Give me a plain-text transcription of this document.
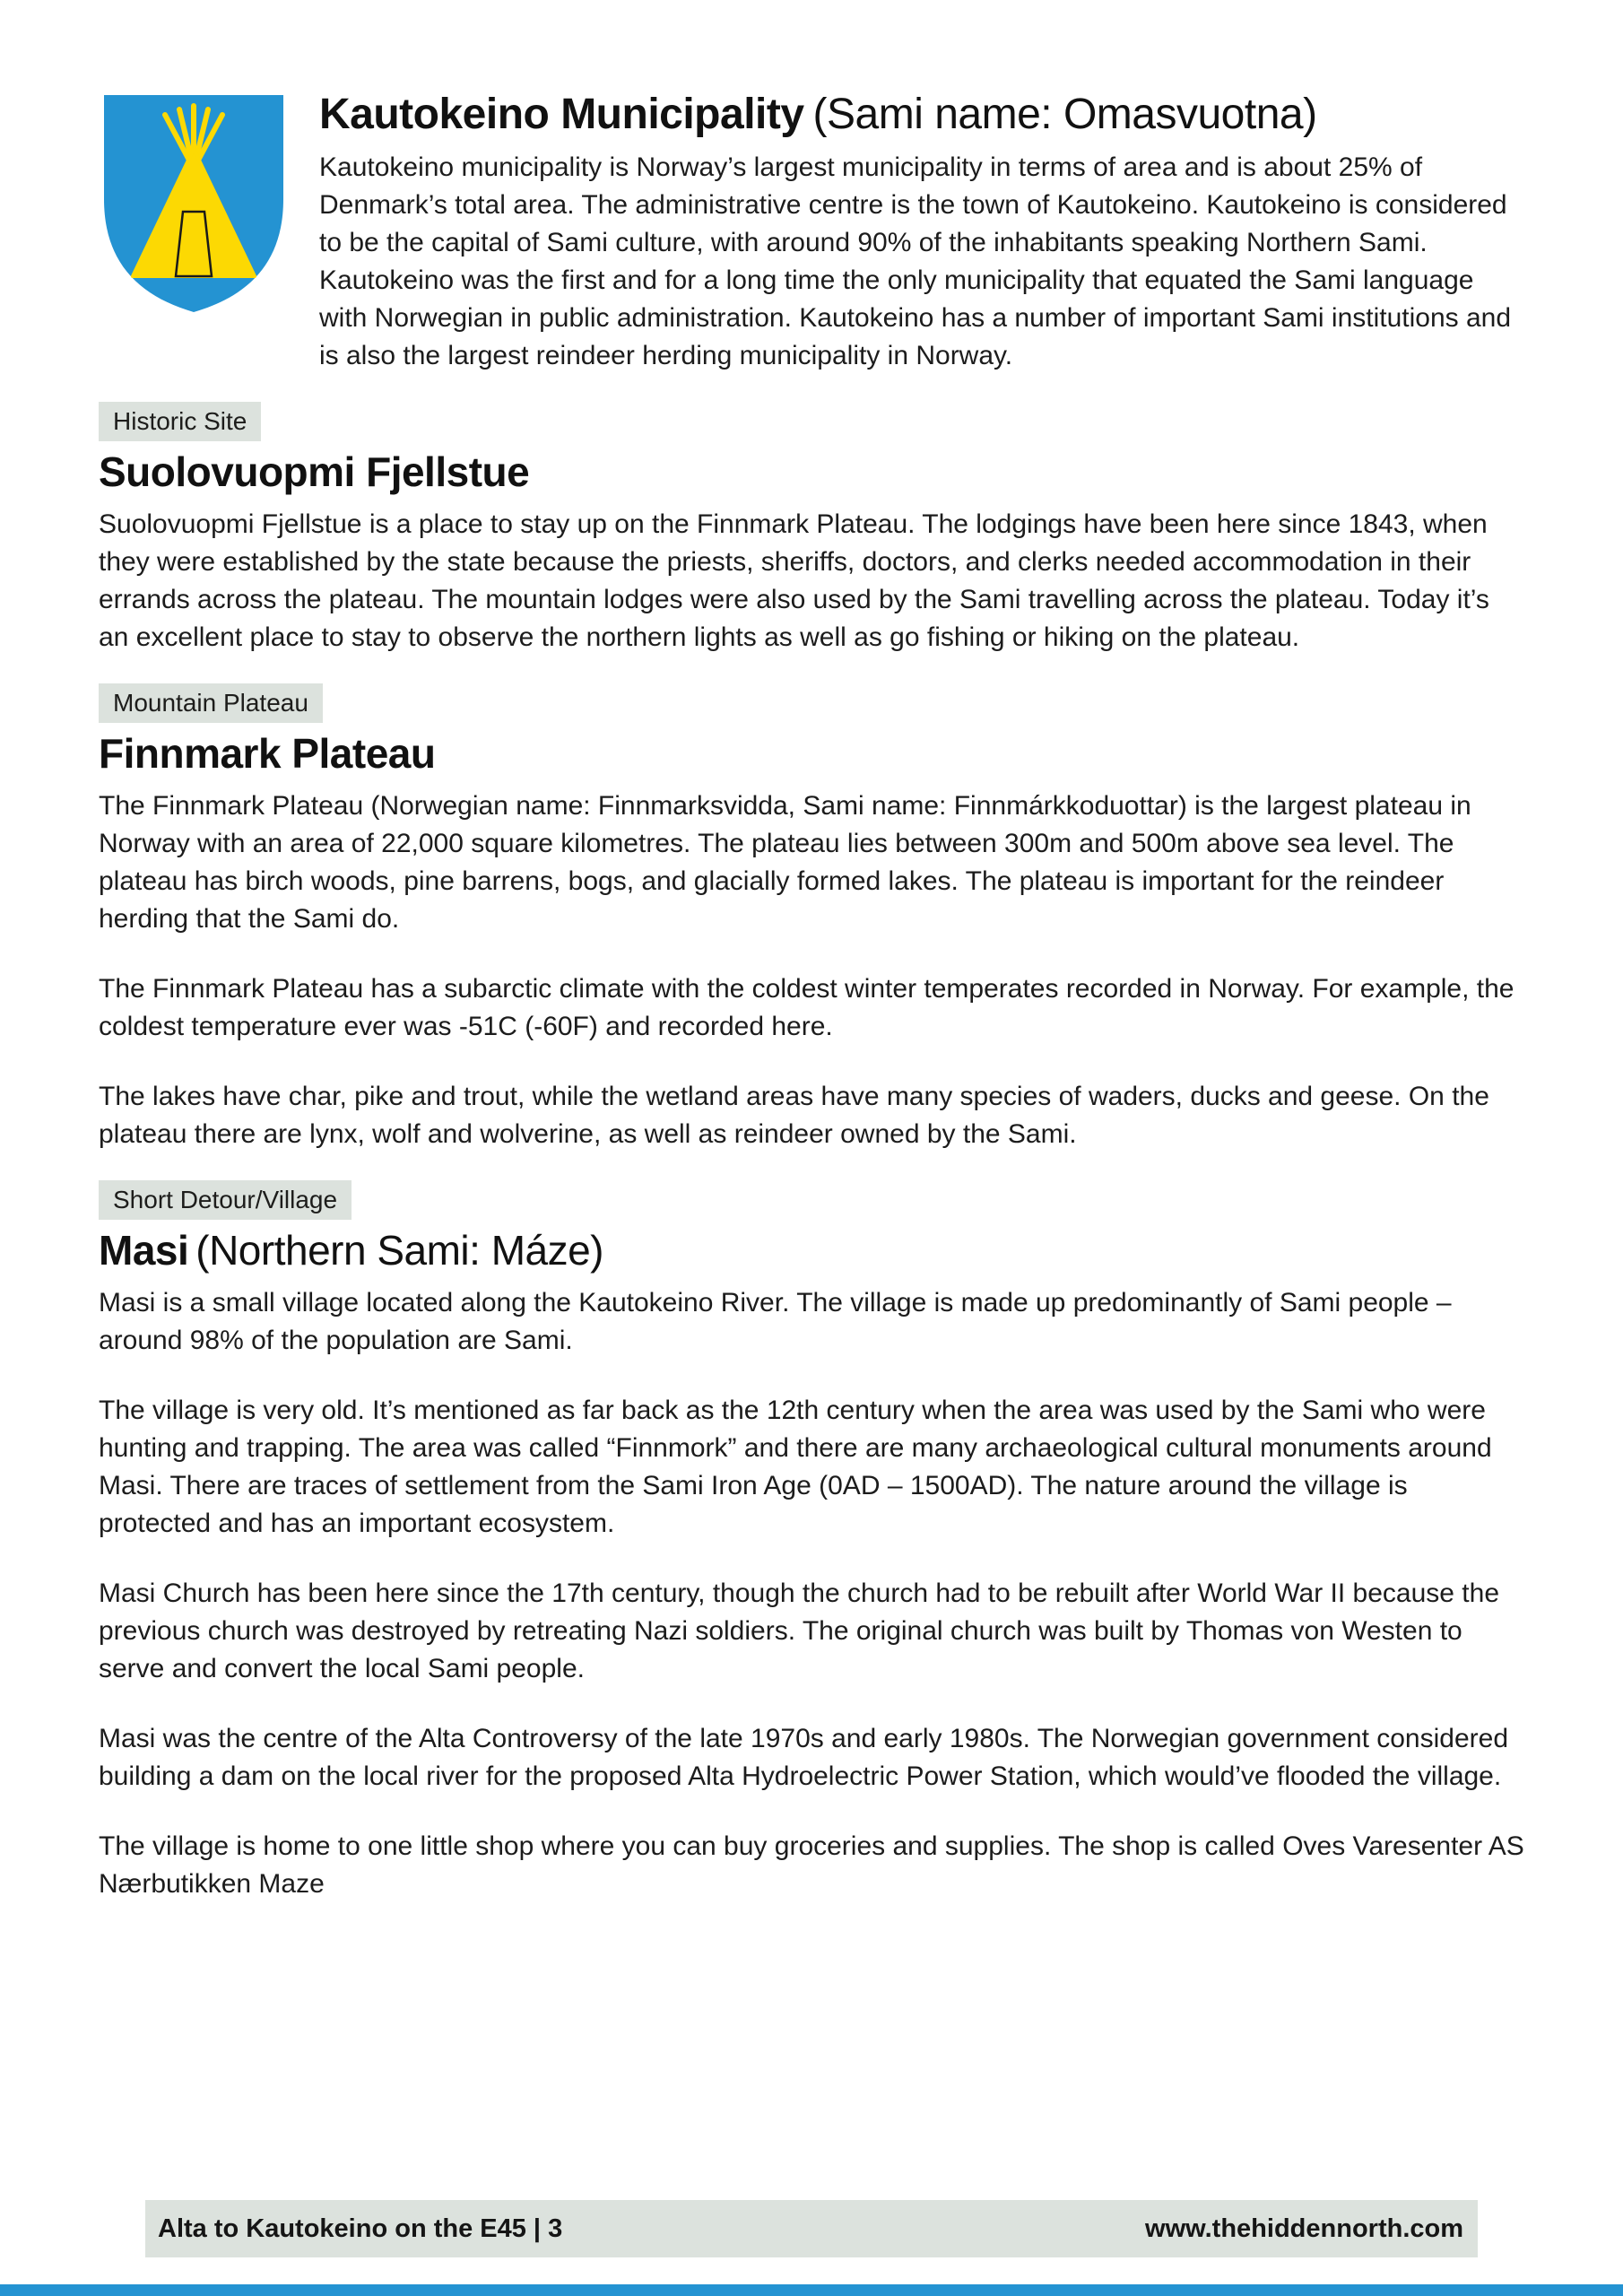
Kautokeino Municipality (Sami name: Omasvuotna)

Kautokeino municipality is Norway’s largest municipality in terms of area and is about 25% of Denmark’s total area. The administrative centre is the town of Kautokeino. Kautokeino is considered to be the capital of Sami culture, with around 90% of the inhabitants speaking Northern Sami. Kautokeino was the first and for a long time the only municipality that equated the Sami language with Norwegian in public administration. Kautokeino has a number of important Sami institutions and is also the largest reindeer herding municipality in Norway.

Historic Site
Suolovuopmi Fjellstue

Suolovuopmi Fjellstue is a place to stay up on the Finnmark Plateau. The lodgings have been here since 1843, when they were established by the state because the priests, sheriffs, doctors, and clerks needed accommodation in their errands across the plateau. The mountain lodges were also used by the Sami travelling across the plateau. Today it’s an excellent place to stay to observe the northern lights as well as go fishing or hiking on the plateau.

Mountain Plateau
Finnmark Plateau

The Finnmark Plateau (Norwegian name: Finnmarksvidda, Sami name: Finnmárkkoduottar) is the largest plateau in Norway with an area of 22,000 square kilometres. The plateau lies between 300m and 500m above sea level. The plateau has birch woods, pine barrens, bogs, and glacially formed lakes. The plateau is important for the reindeer herding that the Sami do.

The Finnmark Plateau has a subarctic climate with the coldest winter temperates recorded in Norway. For example, the coldest temperature ever was -51C (-60F) and recorded here.

The lakes have char, pike and trout, while the wetland areas have many species of waders, ducks and geese. On the plateau there are lynx, wolf and wolverine, as well as reindeer owned by the Sami.

Short Detour/Village
Masi (Northern Sami: Máze)

Masi is a small village located along the Kautokeino River. The village is made up predominantly of Sami people – around 98% of the population are Sami.

The village is very old. It’s mentioned as far back as the 12th century when the area was used by the Sami who were hunting and trapping. The area was called “Finnmork” and there are many archaeological cultural monuments around Masi. There are traces of settlement from the Sami Iron Age (0AD – 1500AD). The nature around the village is protected and has an important ecosystem.

Masi Church has been here since the 17th century, though the church had to be rebuilt after World War II because the previous church was destroyed by retreating Nazi soldiers. The original church was built by Thomas von Westen to serve and convert the local Sami people.

Masi was the centre of the Alta Controversy of the late 1970s and early 1980s. The Norwegian government considered building a dam on the local river for the proposed Alta Hydroelectric Power Station, which would’ve flooded the village.

The village is home to one little shop where you can buy groceries and supplies. The shop is called Oves Varesenter AS Nærbutikken Maze

Alta to Kautokeino on the E45 | 3	www.thehiddennorth.com
